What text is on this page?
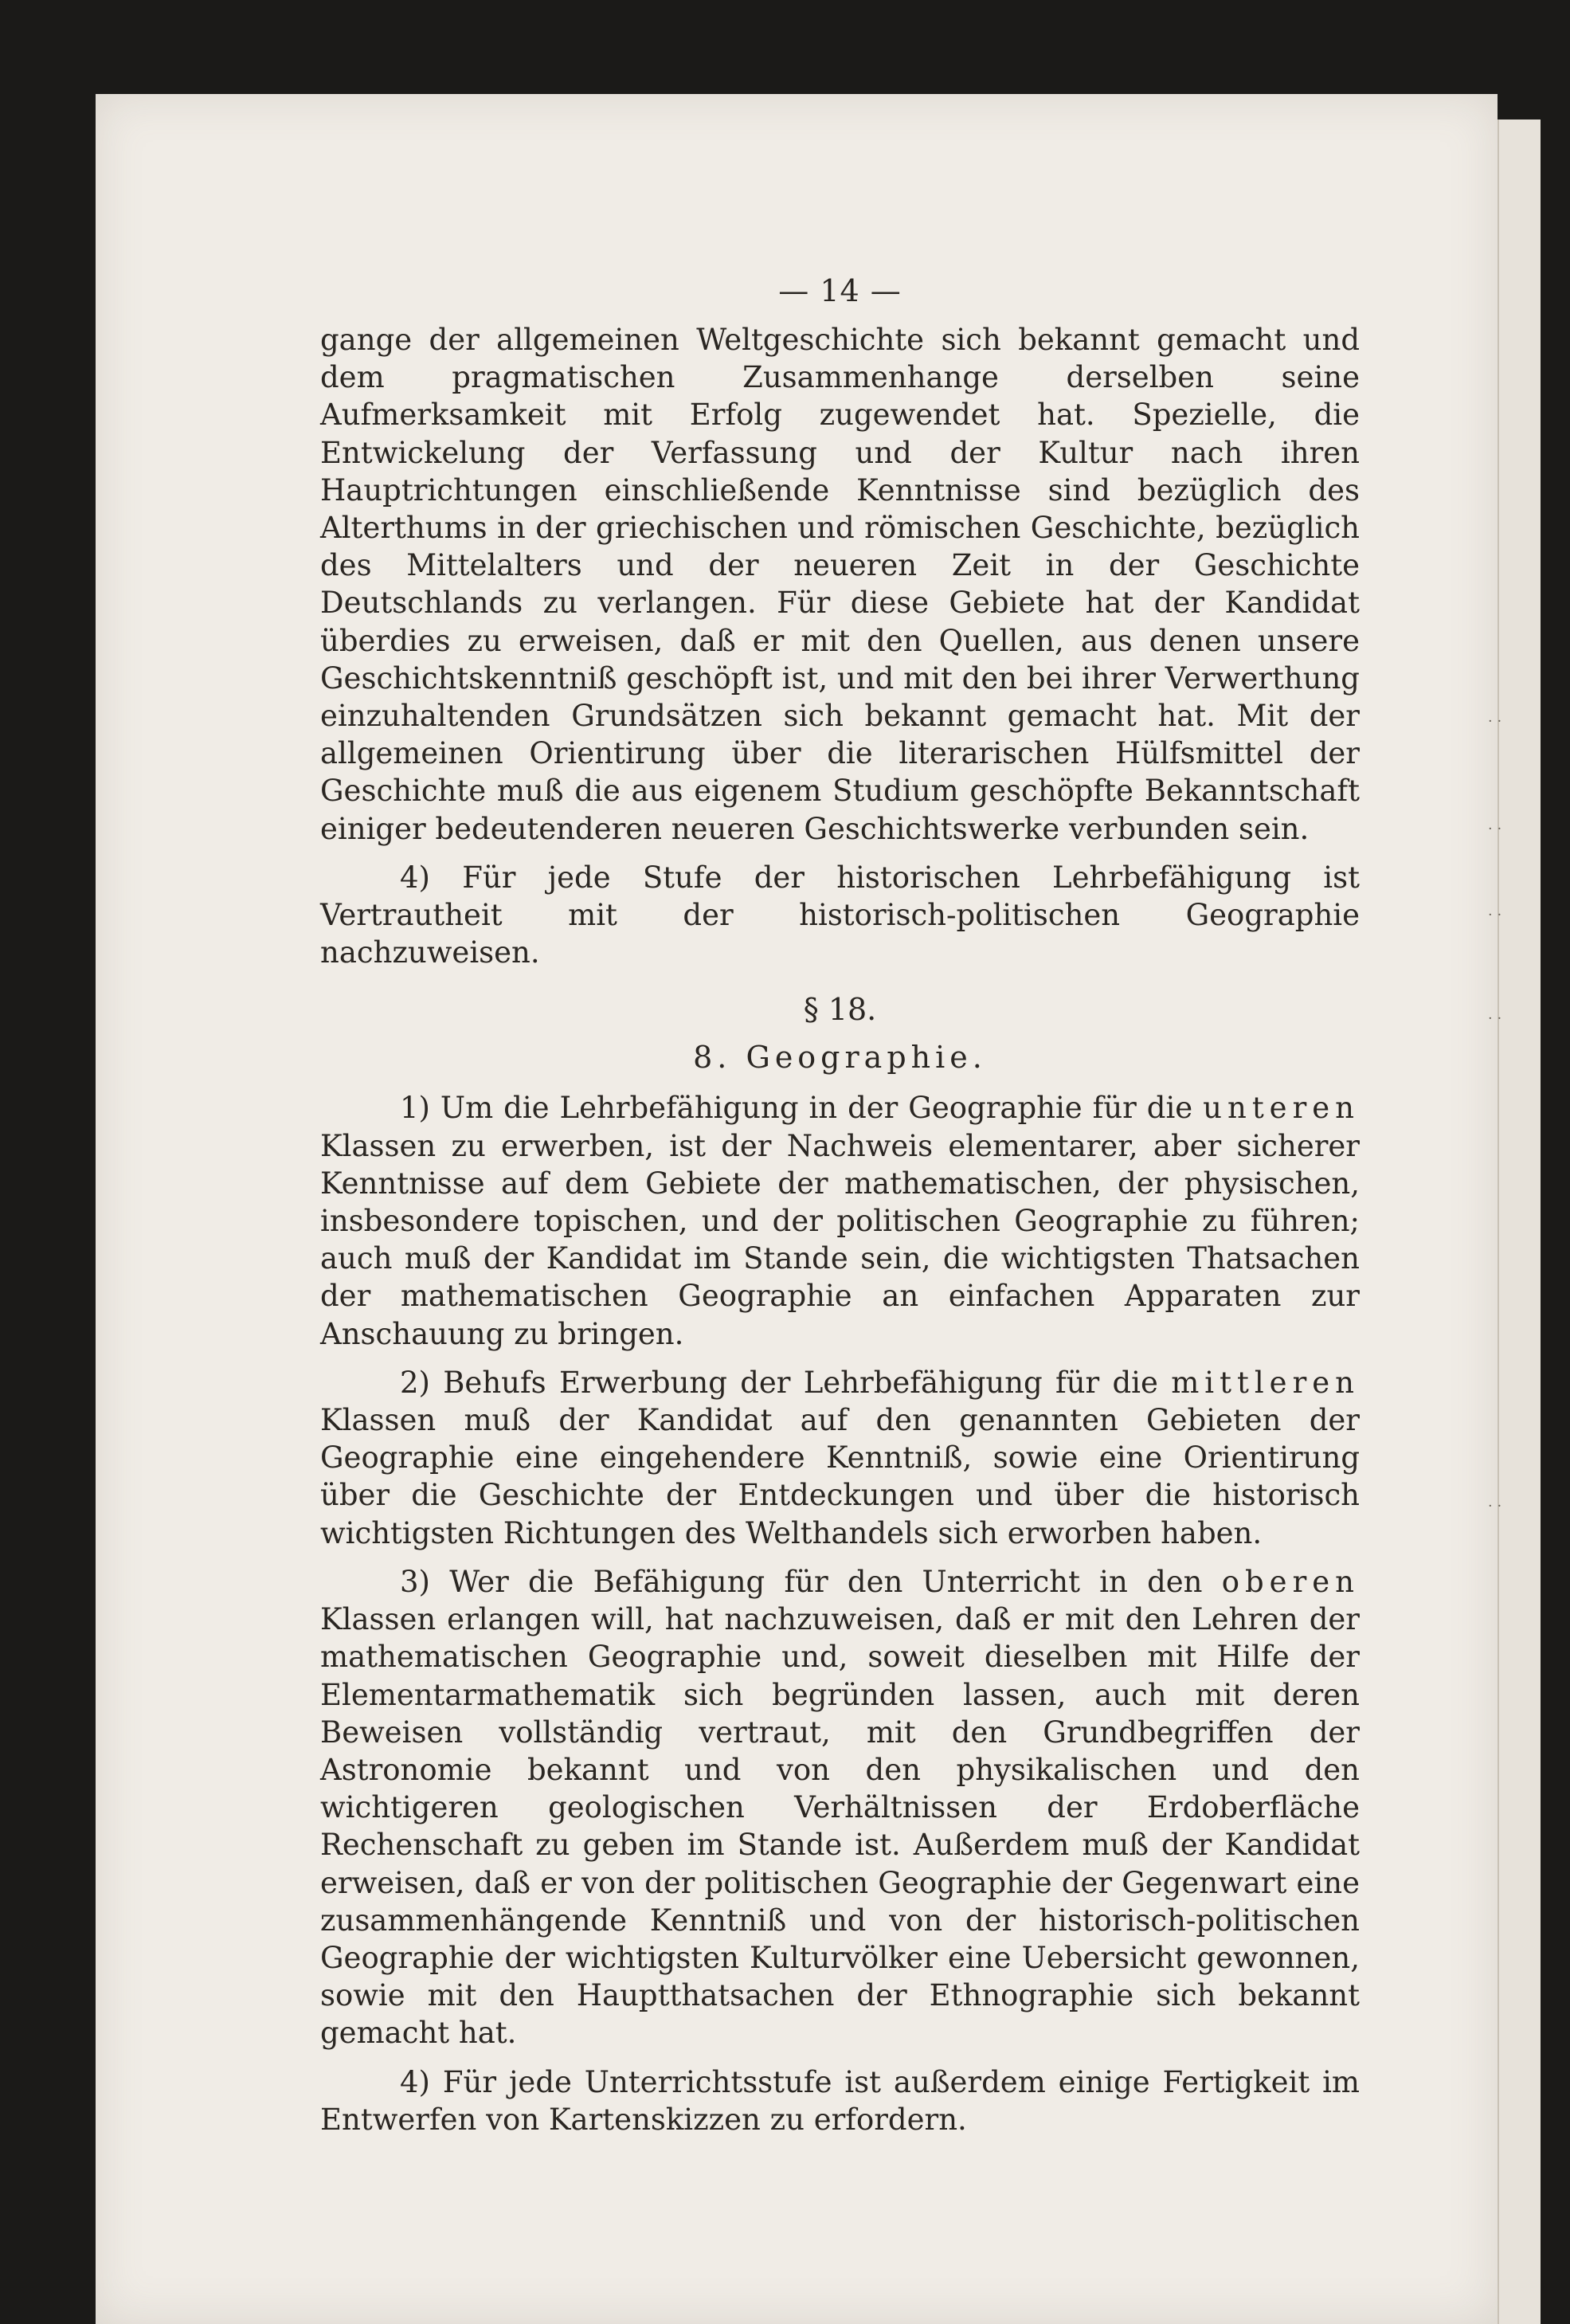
· ·
· ·
· ·
· ·
· ·
— 14 —

gange der allgemeinen Weltgeschichte sich bekannt gemacht und dem pragmatischen Zusammenhange derselben seine Aufmerksamkeit mit Erfolg zugewendet hat. Spezielle, die Entwickelung der Verfassung und der Kultur nach ihren Hauptrichtungen einschließende Kenntnisse sind bezüglich des Alterthums in der griechischen und römischen Geschichte, bezüglich des Mittelalters und der neueren Zeit in der Geschichte Deutschlands zu verlangen. Für diese Gebiete hat der Kandidat überdies zu erweisen, daß er mit den Quellen, aus denen unsere Geschichtskenntniß geschöpft ist, und mit den bei ihrer Verwerthung einzuhaltenden Grundsätzen sich bekannt gemacht hat. Mit der allgemeinen Orientirung über die literarischen Hülfsmittel der Geschichte muß die aus eigenem Studium geschöpfte Bekanntschaft einiger bedeutenderen neueren Geschichtswerke verbunden sein.

4) Für jede Stufe der historischen Lehrbefähigung ist Vertrautheit mit der historisch-politischen Geographie nachzuweisen.

§ 18.
8. Geographie.

1) Um die Lehrbefähigung in der Geographie für die unteren Klassen zu erwerben, ist der Nachweis elementarer, aber sicherer Kenntnisse auf dem Gebiete der mathematischen, der physischen, insbesondere topischen, und der politischen Geographie zu führen; auch muß der Kandidat im Stande sein, die wichtigsten Thatsachen der mathematischen Geographie an einfachen Apparaten zur Anschauung zu bringen.

2) Behufs Erwerbung der Lehrbefähigung für die mittleren Klassen muß der Kandidat auf den genannten Gebieten der Geographie eine eingehendere Kenntniß, sowie eine Orientirung über die Geschichte der Entdeckungen und über die historisch wichtigsten Richtungen des Welthandels sich erworben haben.

3) Wer die Befähigung für den Unterricht in den oberen Klassen erlangen will, hat nachzuweisen, daß er mit den Lehren der mathematischen Geographie und, soweit dieselben mit Hilfe der Elementarmathematik sich begründen lassen, auch mit deren Beweisen vollständig vertraut, mit den Grundbegriffen der Astronomie bekannt und von den physikalischen und den wichtigeren geologischen Verhältnissen der Erdoberfläche Rechenschaft zu geben im Stande ist. Außerdem muß der Kandidat erweisen, daß er von der politischen Geographie der Gegenwart eine zusammenhängende Kenntniß und von der historisch-politischen Geographie der wichtigsten Kulturvölker eine Uebersicht gewonnen, sowie mit den Hauptthatsachen der Ethnographie sich bekannt gemacht hat.

4) Für jede Unterrichtsstufe ist außerdem einige Fertigkeit im Entwerfen von Kartenskizzen zu erfordern.
